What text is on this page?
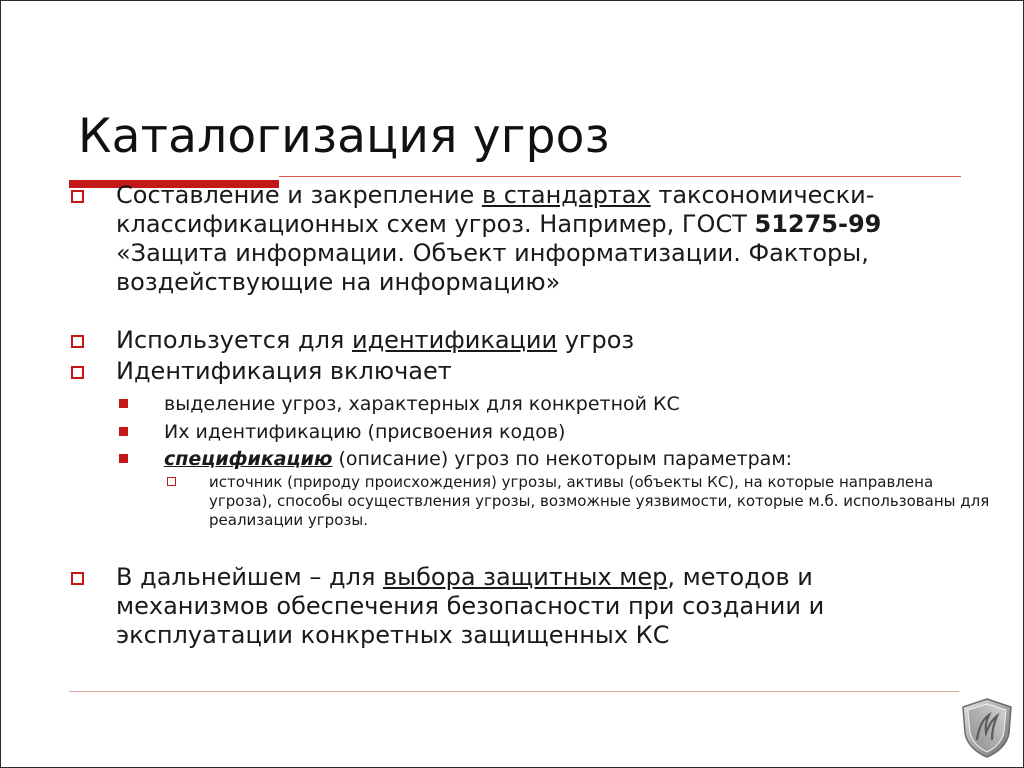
Каталогизация угроз
Составление и закрепление в стандартах таксономически-классификационных схем угроз. Например, ГОСТ 51275-99 «Защита информации. Объект информатизации. Факторы, воздействующие на информацию»
Используется для идентификации угроз
Идентификация включает
выделение угроз, характерных для конкретной КС
Их идентификацию (присвоения кодов)
спецификацию (описание) угроз по некоторым параметрам:
источник (природу происхождения) угрозы, активы (объекты КС), на которые направлена угроза), способы осуществления угрозы, возможные уязвимости, которые м.б. использованы для реализации угрозы.
В дальнейшем – для выбора защитных мер, методов и механизмов обеспечения безопасности при создании и эксплуатации конкретных защищенных КС
